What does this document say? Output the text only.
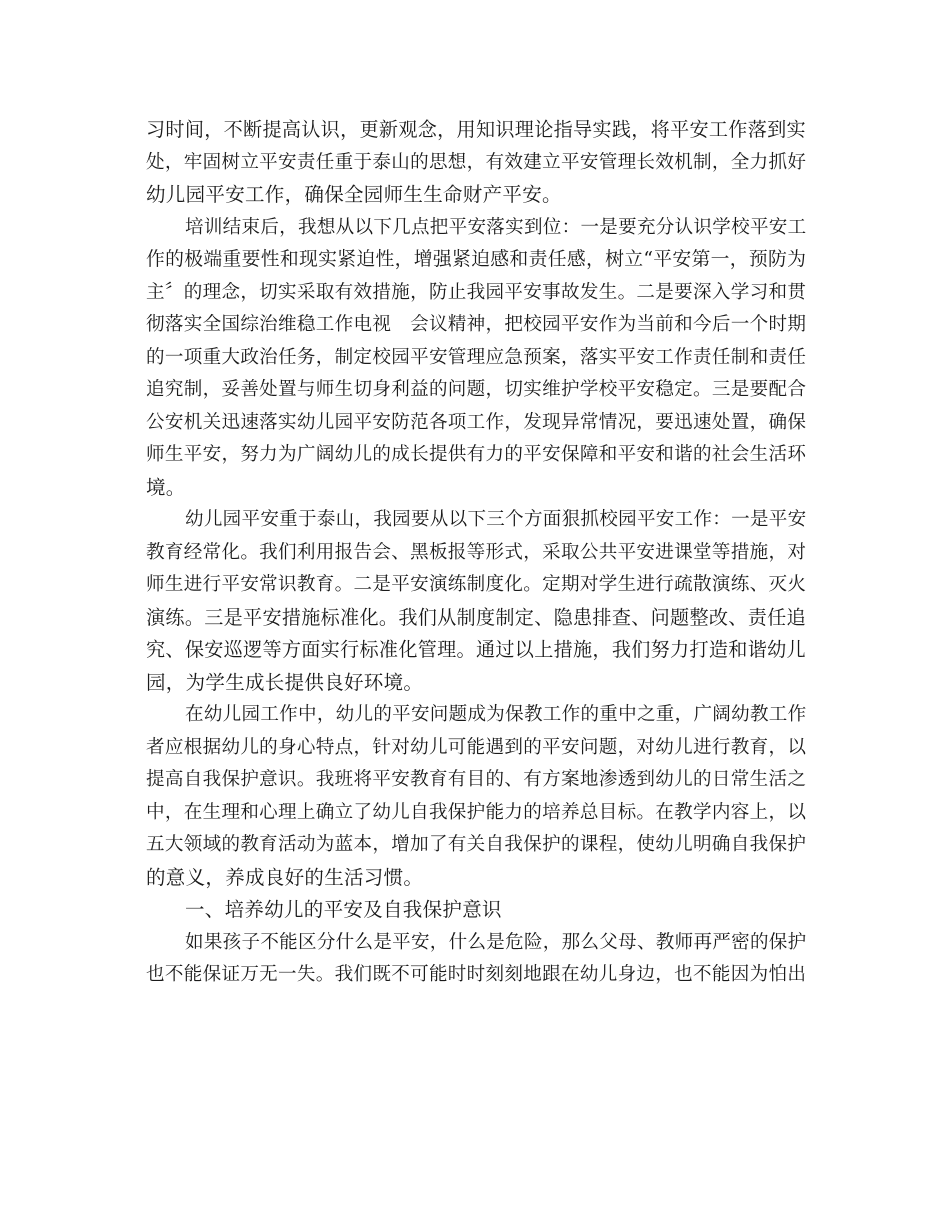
习时间，不断提高认识，更新观念，用知识理论指导实践，将平安工作落到实
处，牢固树立平安责任重于泰山的思想，有效建立平安管理长效机制，全力抓好
幼儿园平安工作，确保全园师生生命财产平安。
培训结束后，我想从以下几点把平安落实到位：一是要充分认识学校平安工
作的极端重要性和现实紧迫性，增强紧迫感和责任感，树立“平安第一，预防为
主〞的理念，切实采取有效措施，防止我园平安事故发生。二是要深入学习和贯
彻落实全国综治维稳工作电视　会议精神，把校园平安作为当前和今后一个时期
的一项重大政治任务，制定校园平安管理应急预案，落实平安工作责任制和责任
追究制，妥善处置与师生切身利益的问题，切实维护学校平安稳定。三是要配合
公安机关迅速落实幼儿园平安防范各项工作，发现异常情况，要迅速处置，确保
师生平安，努力为广阔幼儿的成长提供有力的平安保障和平安和谐的社会生活环
境。
幼儿园平安重于泰山，我园要从以下三个方面狠抓校园平安工作：一是平安
教育经常化。我们利用报告会、黑板报等形式，采取公共平安进课堂等措施，对
师生进行平安常识教育。二是平安演练制度化。定期对学生进行疏散演练、灭火
演练。三是平安措施标准化。我们从制度制定、隐患排查、问题整改、责任追
究、保安巡逻等方面实行标准化管理。通过以上措施，我们努力打造和谐幼儿
园，为学生成长提供良好环境。
在幼儿园工作中，幼儿的平安问题成为保教工作的重中之重，广阔幼教工作
者应根据幼儿的身心特点，针对幼儿可能遇到的平安问题，对幼儿进行教育，以
提高自我保护意识。我班将平安教育有目的、有方案地渗透到幼儿的日常生活之
中，在生理和心理上确立了幼儿自我保护能力的培养总目标。在教学内容上，以
五大领域的教育活动为蓝本，增加了有关自我保护的课程，使幼儿明确自我保护
的意义，养成良好的生活习惯。
一、培养幼儿的平安及自我保护意识
如果孩子不能区分什么是平安，什么是危险，那么父母、教师再严密的保护
也不能保证万无一失。我们既不可能时时刻刻地跟在幼儿身边，也不能因为怕出
